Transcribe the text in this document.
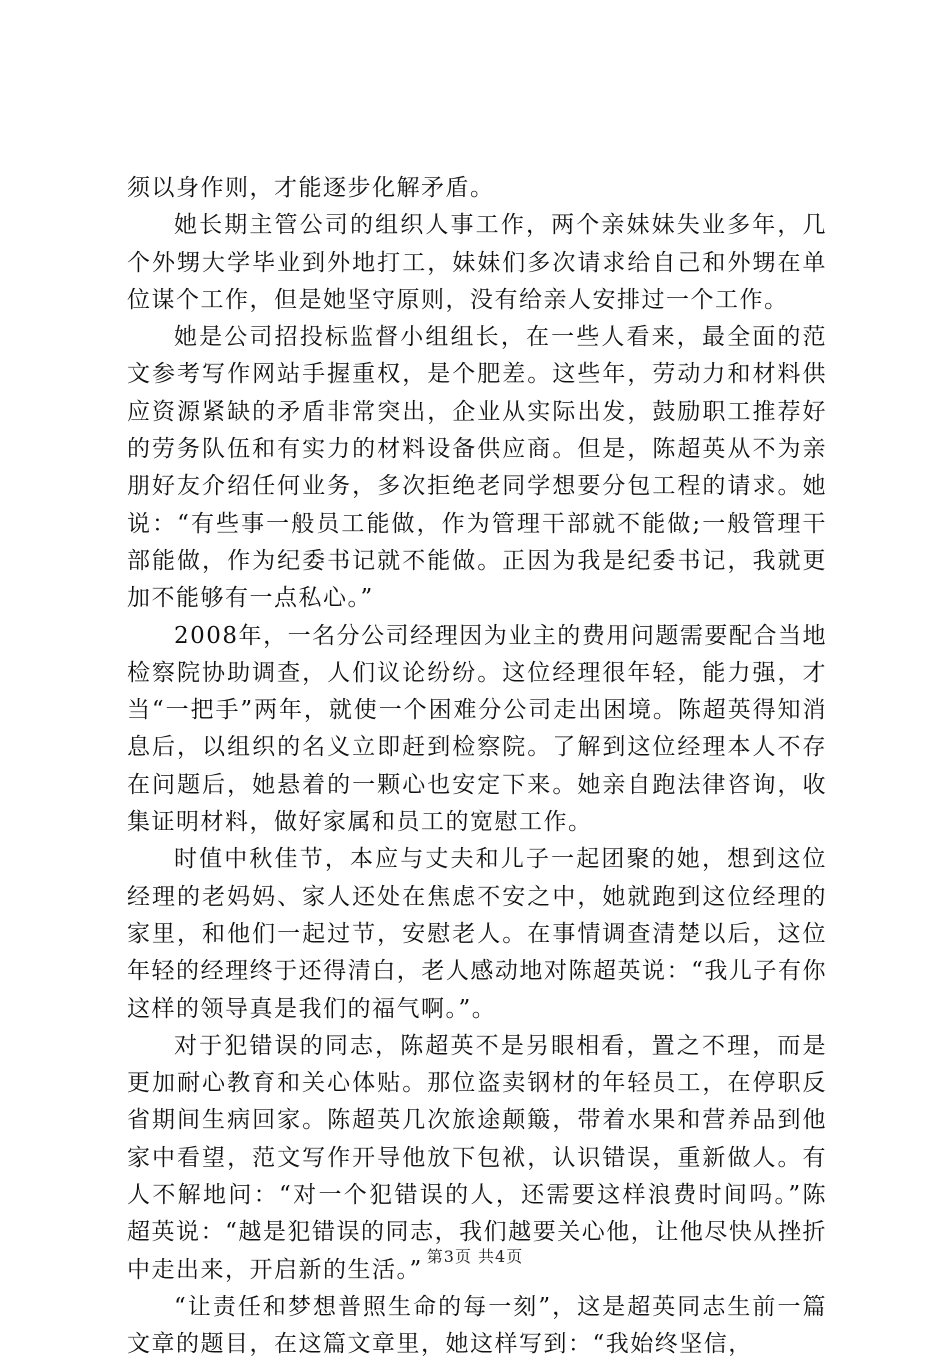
须以身作则，才能逐步化解矛盾。

她长期主管公司的组织人事工作，两个亲妹妹失业多年，几个外甥大学毕业到外地打工，妹妹们多次请求给自己和外甥在单位谋个工作，但是她坚守原则，没有给亲人安排过一个工作。

她是公司招投标监督小组组长，在一些人看来，最全面的范文参考写作网站手握重权，是个肥差。这些年，劳动力和材料供应资源紧缺的矛盾非常突出，企业从实际出发，鼓励职工推荐好的劳务队伍和有实力的材料设备供应商。但是，陈超英从不为亲朋好友介绍任何业务，多次拒绝老同学想要分包工程的请求。她说：“有些事一般员工能做，作为管理干部就不能做;一般管理干部能做，作为纪委书记就不能做。正因为我是纪委书记，我就更加不能够有一点私心。”

2008年，一名分公司经理因为业主的费用问题需要配合当地检察院协助调查，人们议论纷纷。这位经理很年轻，能力强，才当“一把手”两年，就使一个困难分公司走出困境。陈超英得知消息后，以组织的名义立即赶到检察院。了解到这位经理本人不存在问题后，她悬着的一颗心也安定下来。她亲自跑法律咨询，收集证明材料，做好家属和员工的宽慰工作。

时值中秋佳节，本应与丈夫和儿子一起团聚的她，想到这位经理的老妈妈、家人还处在焦虑不安之中，她就跑到这位经理的家里，和他们一起过节，安慰老人。在事情调查清楚以后，这位年轻的经理终于还得清白，老人感动地对陈超英说：“我儿子有你这样的领导真是我们的福气啊。”。

对于犯错误的同志，陈超英不是另眼相看，置之不理，而是更加耐心教育和关心体贴。那位盗卖钢材的年轻员工，在停职反省期间生病回家。陈超英几次旅途颠簸，带着水果和营养品到他家中看望，范文写作开导他放下包袱，认识错误，重新做人。有人不解地问：“对一个犯错误的人，还需要这样浪费时间吗。”陈超英说：“越是犯错误的同志，我们越要关心他，让他尽快从挫折中走出来，开启新的生活。”

“让责任和梦想普照生命的每一刻”，这是超英同志生前一篇文章的题目，在这篇文章里，她这样写到：“我始终坚信，

第3页 共4页
